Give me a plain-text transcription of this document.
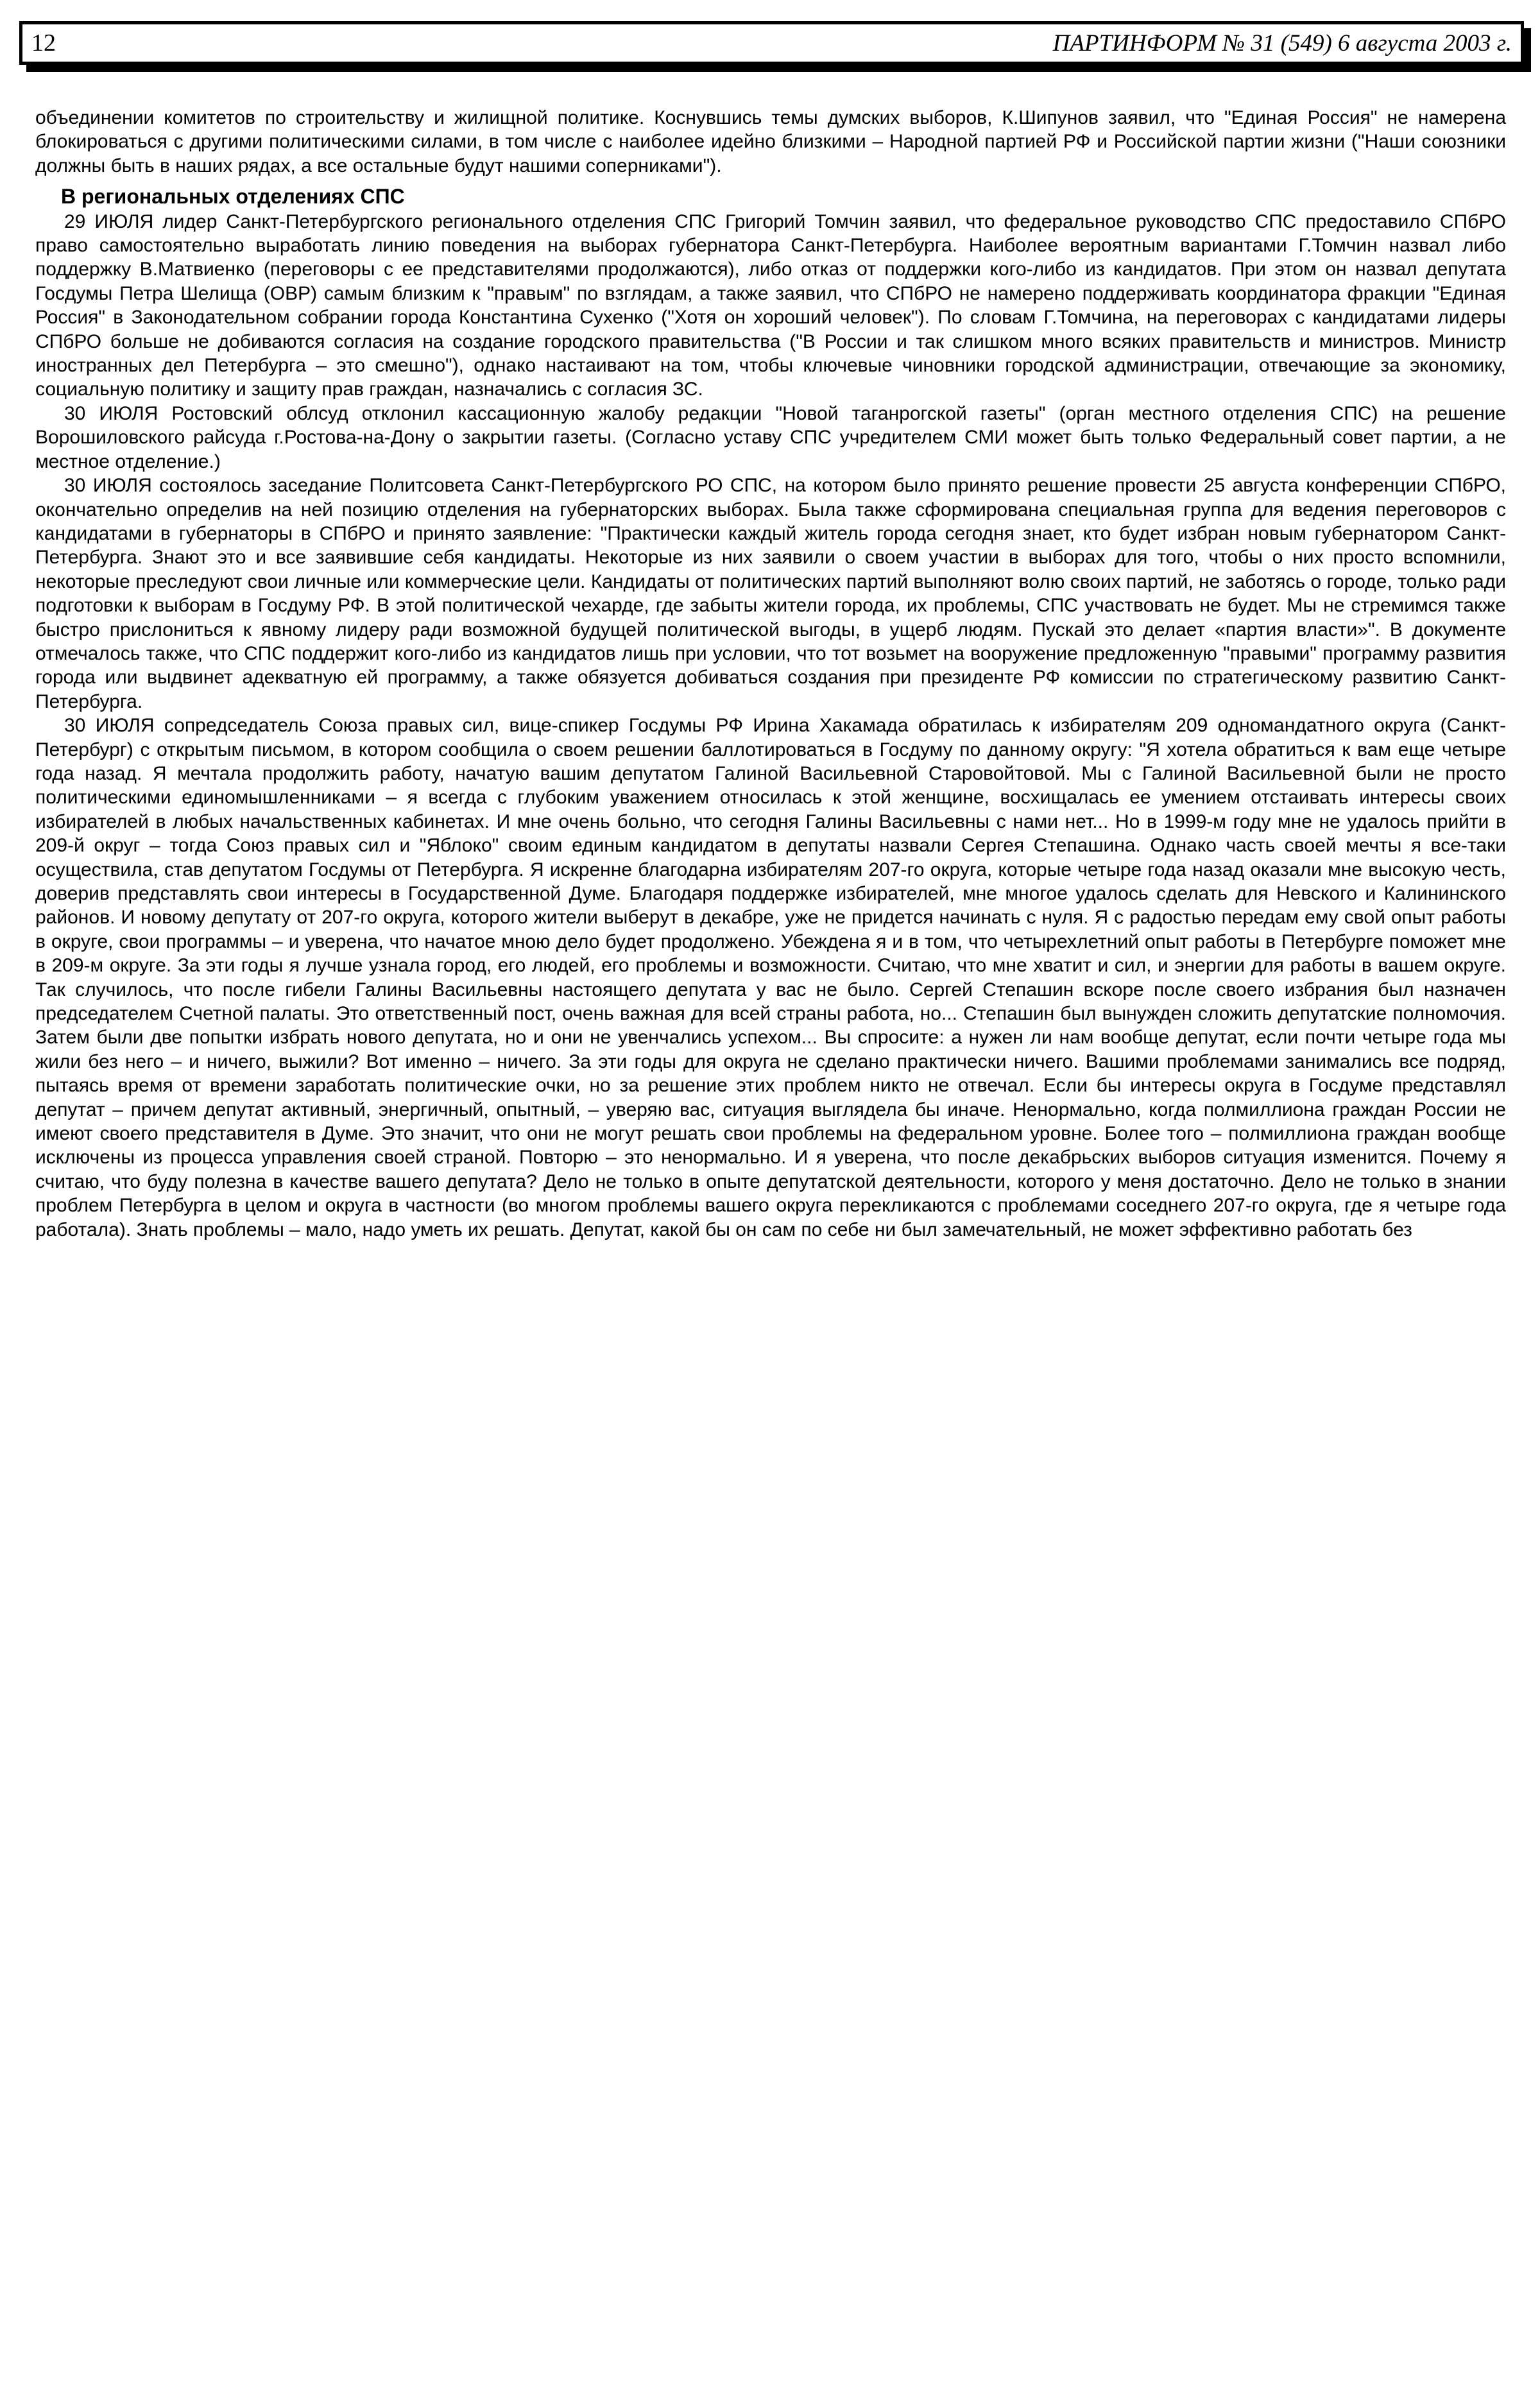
12	ПАРТИНФОРМ № 31 (549) 6 августа 2003 г.

объединении комитетов по строительству и жилищной политике. Коснувшись темы думских выборов, К.Шипунов заявил, что "Единая Россия" не намерена блокироваться с другими политическими силами, в том числе с наиболее идейно близкими – Народной партией РФ и Российской партии жизни ("Наши союзники должны быть в наших рядах, а все остальные будут нашими соперниками").

В региональных отделениях СПС

29 ИЮЛЯ лидер Санкт-Петербургского регионального отделения СПС Григорий Томчин заявил, что федеральное руководство СПС предоставило СПбРО право самостоятельно выработать линию поведения на выборах губернатора Санкт-Петербурга. Наиболее вероятным вариантами Г.Томчин назвал либо поддержку В.Матвиенко (переговоры с ее представителями продолжаются), либо отказ от поддержки кого-либо из кандидатов. При этом он назвал депутата Госдумы Петра Шелища (ОВР) самым близким к "правым" по взглядам, а также заявил, что СПбРО не намерено поддерживать координатора фракции "Единая Россия" в Законодательном собрании города Константина Сухенко ("Хотя он хороший человек"). По словам Г.Томчина, на переговорах с кандидатами лидеры СПбРО больше не добиваются согласия на создание городского правительства ("В России и так слишком много всяких правительств и министров. Министр иностранных дел Петербурга – это смешно"), однако настаивают на том, чтобы ключевые чиновники городской администрации, отвечающие за экономику, социальную политику и защиту прав граждан, назначались с согласия ЗС.

30 ИЮЛЯ Ростовский облсуд отклонил кассационную жалобу редакции "Новой таганрогской газеты" (орган местного отделения СПС) на решение Ворошиловского райсуда г.Ростова-на-Дону о закрытии газеты. (Согласно уставу СПС учредителем СМИ может быть только Федеральный совет партии, а не местное отделение.)

30 ИЮЛЯ состоялось заседание Политсовета Санкт-Петербургского РО СПС, на котором было принято решение провести 25 августа конференции СПбРО, окончательно определив на ней позицию отделения на губернаторских выборах. Была также сформирована специальная группа для ведения переговоров с кандидатами в губернаторы в СПбРО и принято заявление: "Практически каждый житель города сегодня знает, кто будет избран новым губернатором Санкт-Петербурга. Знают это и все заявившие себя кандидаты. Некоторые из них заявили о своем участии в выборах для того, чтобы о них просто вспомнили, некоторые преследуют свои личные или коммерческие цели. Кандидаты от политических партий выполняют волю своих партий, не заботясь о городе, только ради подготовки к выборам в Госдуму РФ. В этой политической чехарде, где забыты жители города, их проблемы, СПС участвовать не будет. Мы не стремимся также быстро прислониться к явному лидеру ради возможной будущей политической выгоды, в ущерб людям. Пускай это делает «партия власти»". В документе отмечалось также, что СПС поддержит кого-либо из кандидатов лишь при условии, что тот возьмет на вооружение предложенную "правыми" программу развития города или выдвинет адекватную ей программу, а также обязуется добиваться создания при президенте РФ комиссии по стратегическому развитию Санкт-Петербурга.

30 ИЮЛЯ сопредседатель Союза правых сил, вице-спикер Госдумы РФ Ирина Хакамада обратилась к избирателям 209 одномандатного округа (Санкт-Петербург) с открытым письмом, в котором сообщила о своем решении баллотироваться в Госдуму по данному округу: "Я хотела обратиться к вам еще четыре года назад. Я мечтала продолжить работу, начатую вашим депутатом Галиной Васильевной Старовойтовой. Мы с Галиной Васильевной были не просто политическими единомышленниками – я всегда с глубоким уважением относилась к этой женщине, восхищалась ее умением отстаивать интересы своих избирателей в любых начальственных кабинетах. И мне очень больно, что сегодня Галины Васильевны с нами нет... Но в 1999-м году мне не удалось прийти в 209-й округ – тогда Союз правых сил и "Яблоко" своим единым кандидатом в депутаты назвали Сергея Степашина. Однако часть своей мечты я все-таки осуществила, став депутатом Госдумы от Петербурга. Я искренне благодарна избирателям 207-го округа, которые четыре года назад оказали мне высокую честь, доверив представлять свои интересы в Государственной Думе. Благодаря поддержке избирателей, мне многое удалось сделать для Невского и Калининского районов. И новому депутату от 207-го округа, которого жители выберут в декабре, уже не придется начинать с нуля. Я с радостью передам ему свой опыт работы в округе, свои программы – и уверена, что начатое мною дело будет продолжено. Убеждена я и в том, что четырехлетний опыт работы в Петербурге поможет мне в 209-м округе. За эти годы я лучше узнала город, его людей, его проблемы и возможности. Считаю, что мне хватит и сил, и энергии для работы в вашем округе. Так случилось, что после гибели Галины Васильевны настоящего депутата у вас не было. Сергей Степашин вскоре после своего избрания был назначен председателем Счетной палаты. Это ответственный пост, очень важная для всей страны работа, но... Степашин был вынужден сложить депутатские полномочия. Затем были две попытки избрать нового депутата, но и они не увенчались успехом... Вы спросите: а нужен ли нам вообще депутат, если почти четыре года мы жили без него – и ничего, выжили? Вот именно – ничего. За эти годы для округа не сделано практически ничего. Вашими проблемами занимались все подряд, пытаясь время от времени заработать политические очки, но за решение этих проблем никто не отвечал. Если бы интересы округа в Госдуме представлял депутат – причем депутат активный, энергичный, опытный, – уверяю вас, ситуация выглядела бы иначе. Ненормально, когда полмиллиона граждан России не имеют своего представителя в Думе. Это значит, что они не могут решать свои проблемы на федеральном уровне. Более того – полмиллиона граждан вообще исключены из процесса управления своей страной. Повторю – это ненормально. И я уверена, что после декабрьских выборов ситуация изменится. Почему я считаю, что буду полезна в качестве вашего депутата? Дело не только в опыте депутатской деятельности, которого у меня достаточно. Дело не только в знании проблем Петербурга в целом и округа в частности (во многом проблемы вашего округа перекликаются с проблемами соседнего 207-го округа, где я четыре года работала). Знать проблемы – мало, надо уметь их решать. Депутат, какой бы он сам по себе ни был замечательный, не может эффективно работать без
